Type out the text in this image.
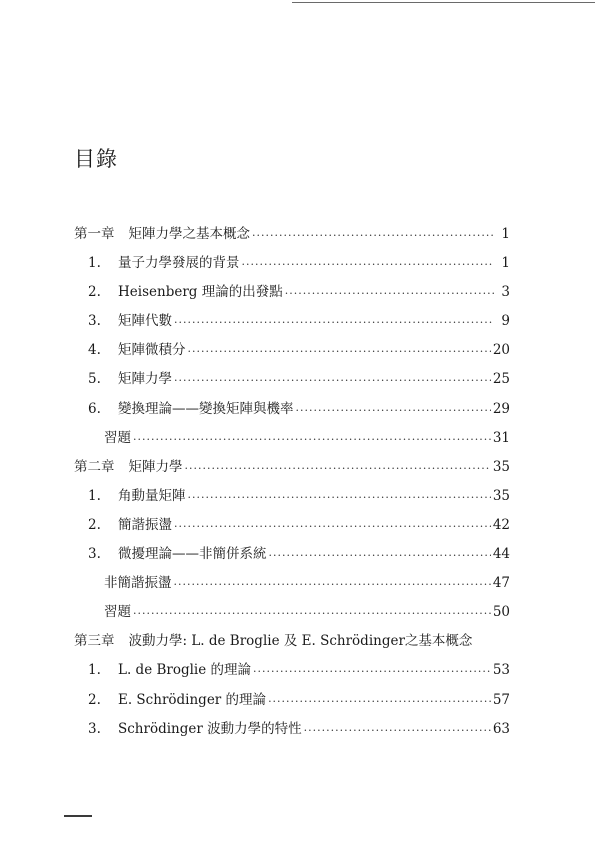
目錄
第一章 矩陣力學之基本概念 ·····	1
1.	量子力學發展的背景 ·····	1
2.	Heisenberg 理論的出發點 ·····	3
3.	矩陣代數 ·····	9
4.	矩陣微積分 ·····	20
5.	矩陣力學 ·····	25
6.	變換理論——變換矩陣與機率 ·····	29
習題 ·····	31
第二章 矩陣力學 ·····	35
1.	角動量矩陣 ·····	35
2.	簡諧振盪 ·····	42
3.	微擾理論——非簡併系統 ·····	44
非簡諧振盪 ·····	47
習題 ·····	50
第三章 波動力學: L. de Broglie 及 E. Schrödinger之基本概念
1.	L. de Broglie 的理論 ·····	53
2.	E. Schrödinger 的理論 ·····	57
3.	Schrödinger 波動力學的特性 ·····	63
